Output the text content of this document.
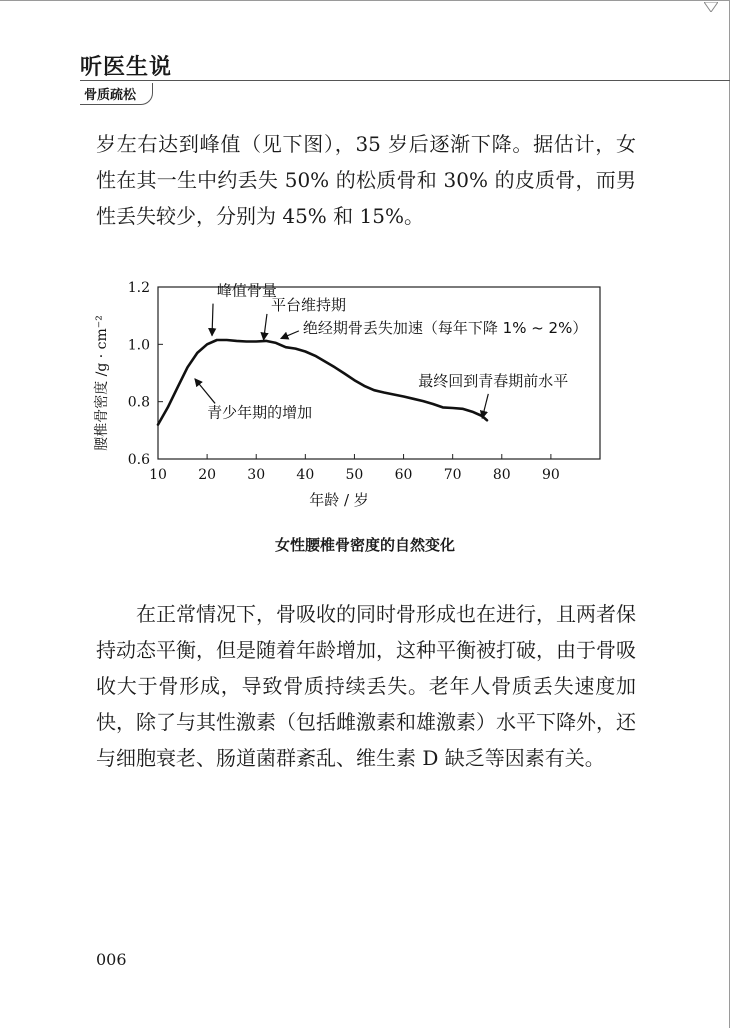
听医生说
骨质疏松

岁左右达到峰值（见下图），35 岁后逐渐下降。据估计，女性在其一生中约丢失 50% 的松质骨和 30% 的皮质骨，而男性丢失较少，分别为 45% 和 15%。

10 20 30 40 50 60 70 80 90
0.6
0.8
1.0
1.2
年龄 / 岁
腰椎骨密度 /g · cm⁻²
峰值骨量
平台维持期
绝经期骨丢失加速（每年下降 1% ~ 2%）
最终回到青春期前水平
青少年期的增加
女性腰椎骨密度的自然变化

在正常情况下，骨吸收的同时骨形成也在进行，且两者保持动态平衡，但是随着年龄增加，这种平衡被打破，由于骨吸收大于骨形成，导致骨质持续丢失。老年人骨质丢失速度加快，除了与其性激素（包括雌激素和雄激素）水平下降外，还与细胞衰老、肠道菌群紊乱、维生素 D 缺乏等因素有关。

006
